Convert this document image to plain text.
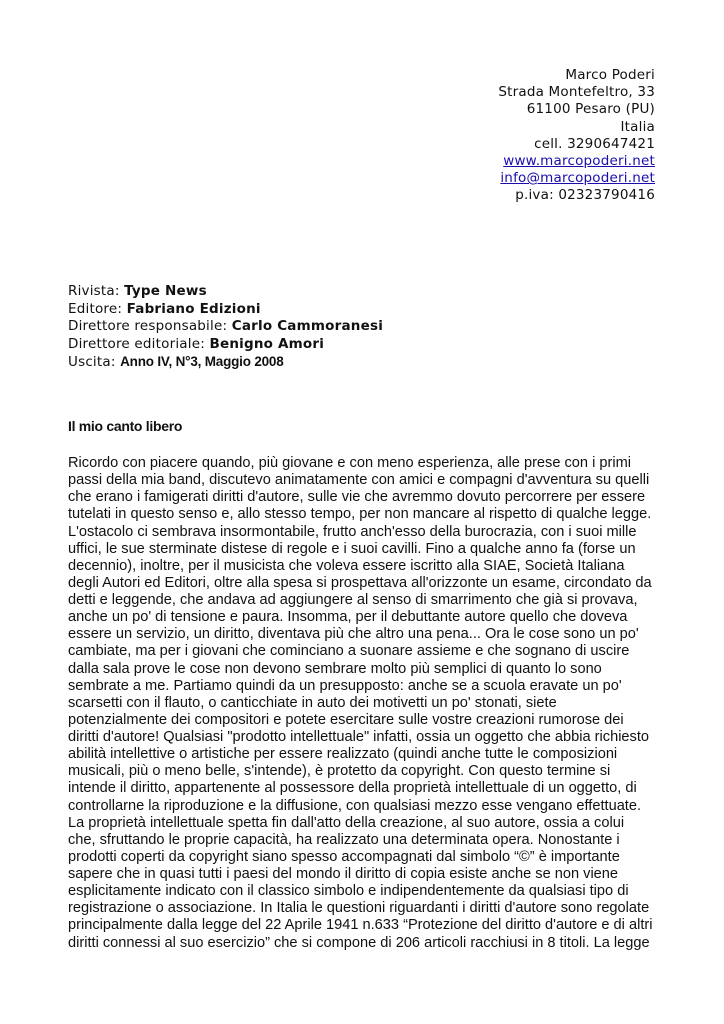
Marco Poderi
Strada Montefeltro, 33
61100 Pesaro (PU)
Italia
cell. 3290647421
www.marcopoderi.net
info@marcopoderi.net
p.iva: 02323790416
Rivista: Type News
Editore: Fabriano Edizioni
Direttore responsabile: Carlo Cammoranesi
Direttore editoriale: Benigno Amori
Uscita: Anno IV, N°3, Maggio 2008
Il mio canto libero
Ricordo con piacere quando, più giovane e con meno esperienza, alle prese con i primi
passi della mia band, discutevo animatamente con amici e compagni d'avventura su quelli
che erano i famigerati diritti d'autore, sulle vie che avremmo dovuto percorrere per essere
tutelati in questo senso e, allo stesso tempo, per non mancare al rispetto di qualche legge.
L'ostacolo ci sembrava insormontabile, frutto anch'esso della burocrazia, con i suoi mille
uffici, le sue sterminate distese di regole e i suoi cavilli. Fino a qualche anno fa (forse un
decennio), inoltre, per il musicista che voleva essere iscritto alla SIAE, Società Italiana
degli Autori ed Editori, oltre alla spesa si prospettava all'orizzonte un esame, circondato da
detti e leggende, che andava ad aggiungere al senso di smarrimento che già si provava,
anche un po' di tensione e paura. Insomma, per il debuttante autore quello che doveva
essere un servizio, un diritto, diventava più che altro una pena... Ora le cose sono un po'
cambiate, ma per i giovani che cominciano a suonare assieme e che sognano di uscire
dalla sala prove le cose non devono sembrare molto più semplici di quanto lo sono
sembrate a me. Partiamo quindi da un presupposto: anche se a scuola eravate un po'
scarsetti con il flauto, o canticchiate in auto dei motivetti un po' stonati, siete
potenzialmente dei compositori e potete esercitare sulle vostre creazioni rumorose dei
diritti d'autore! Qualsiasi "prodotto intellettuale" infatti, ossia un oggetto che abbia richiesto
abilità intellettive o artistiche per essere realizzato (quindi anche tutte le composizioni
musicali, più o meno belle, s'intende), è protetto da copyright. Con questo termine si
intende il diritto, appartenente al possessore della proprietà intellettuale di un oggetto, di
controllarne la riproduzione e la diffusione, con qualsiasi mezzo esse vengano effettuate.
La proprietà intellettuale spetta fin dall'atto della creazione, al suo autore, ossia a colui
che, sfruttando le proprie capacità, ha realizzato una determinata opera. Nonostante i
prodotti coperti da copyright siano spesso accompagnati dal simbolo “©” è importante
sapere che in quasi tutti i paesi del mondo il diritto di copia esiste anche se non viene
esplicitamente indicato con il classico simbolo e indipendentemente da qualsiasi tipo di
registrazione o associazione. In Italia le questioni riguardanti i diritti d'autore sono regolate
principalmente dalla legge del 22 Aprile 1941 n.633 “Protezione del diritto d'autore e di altri
diritti connessi al suo esercizio” che si compone di 206 articoli racchiusi in 8 titoli. La legge
